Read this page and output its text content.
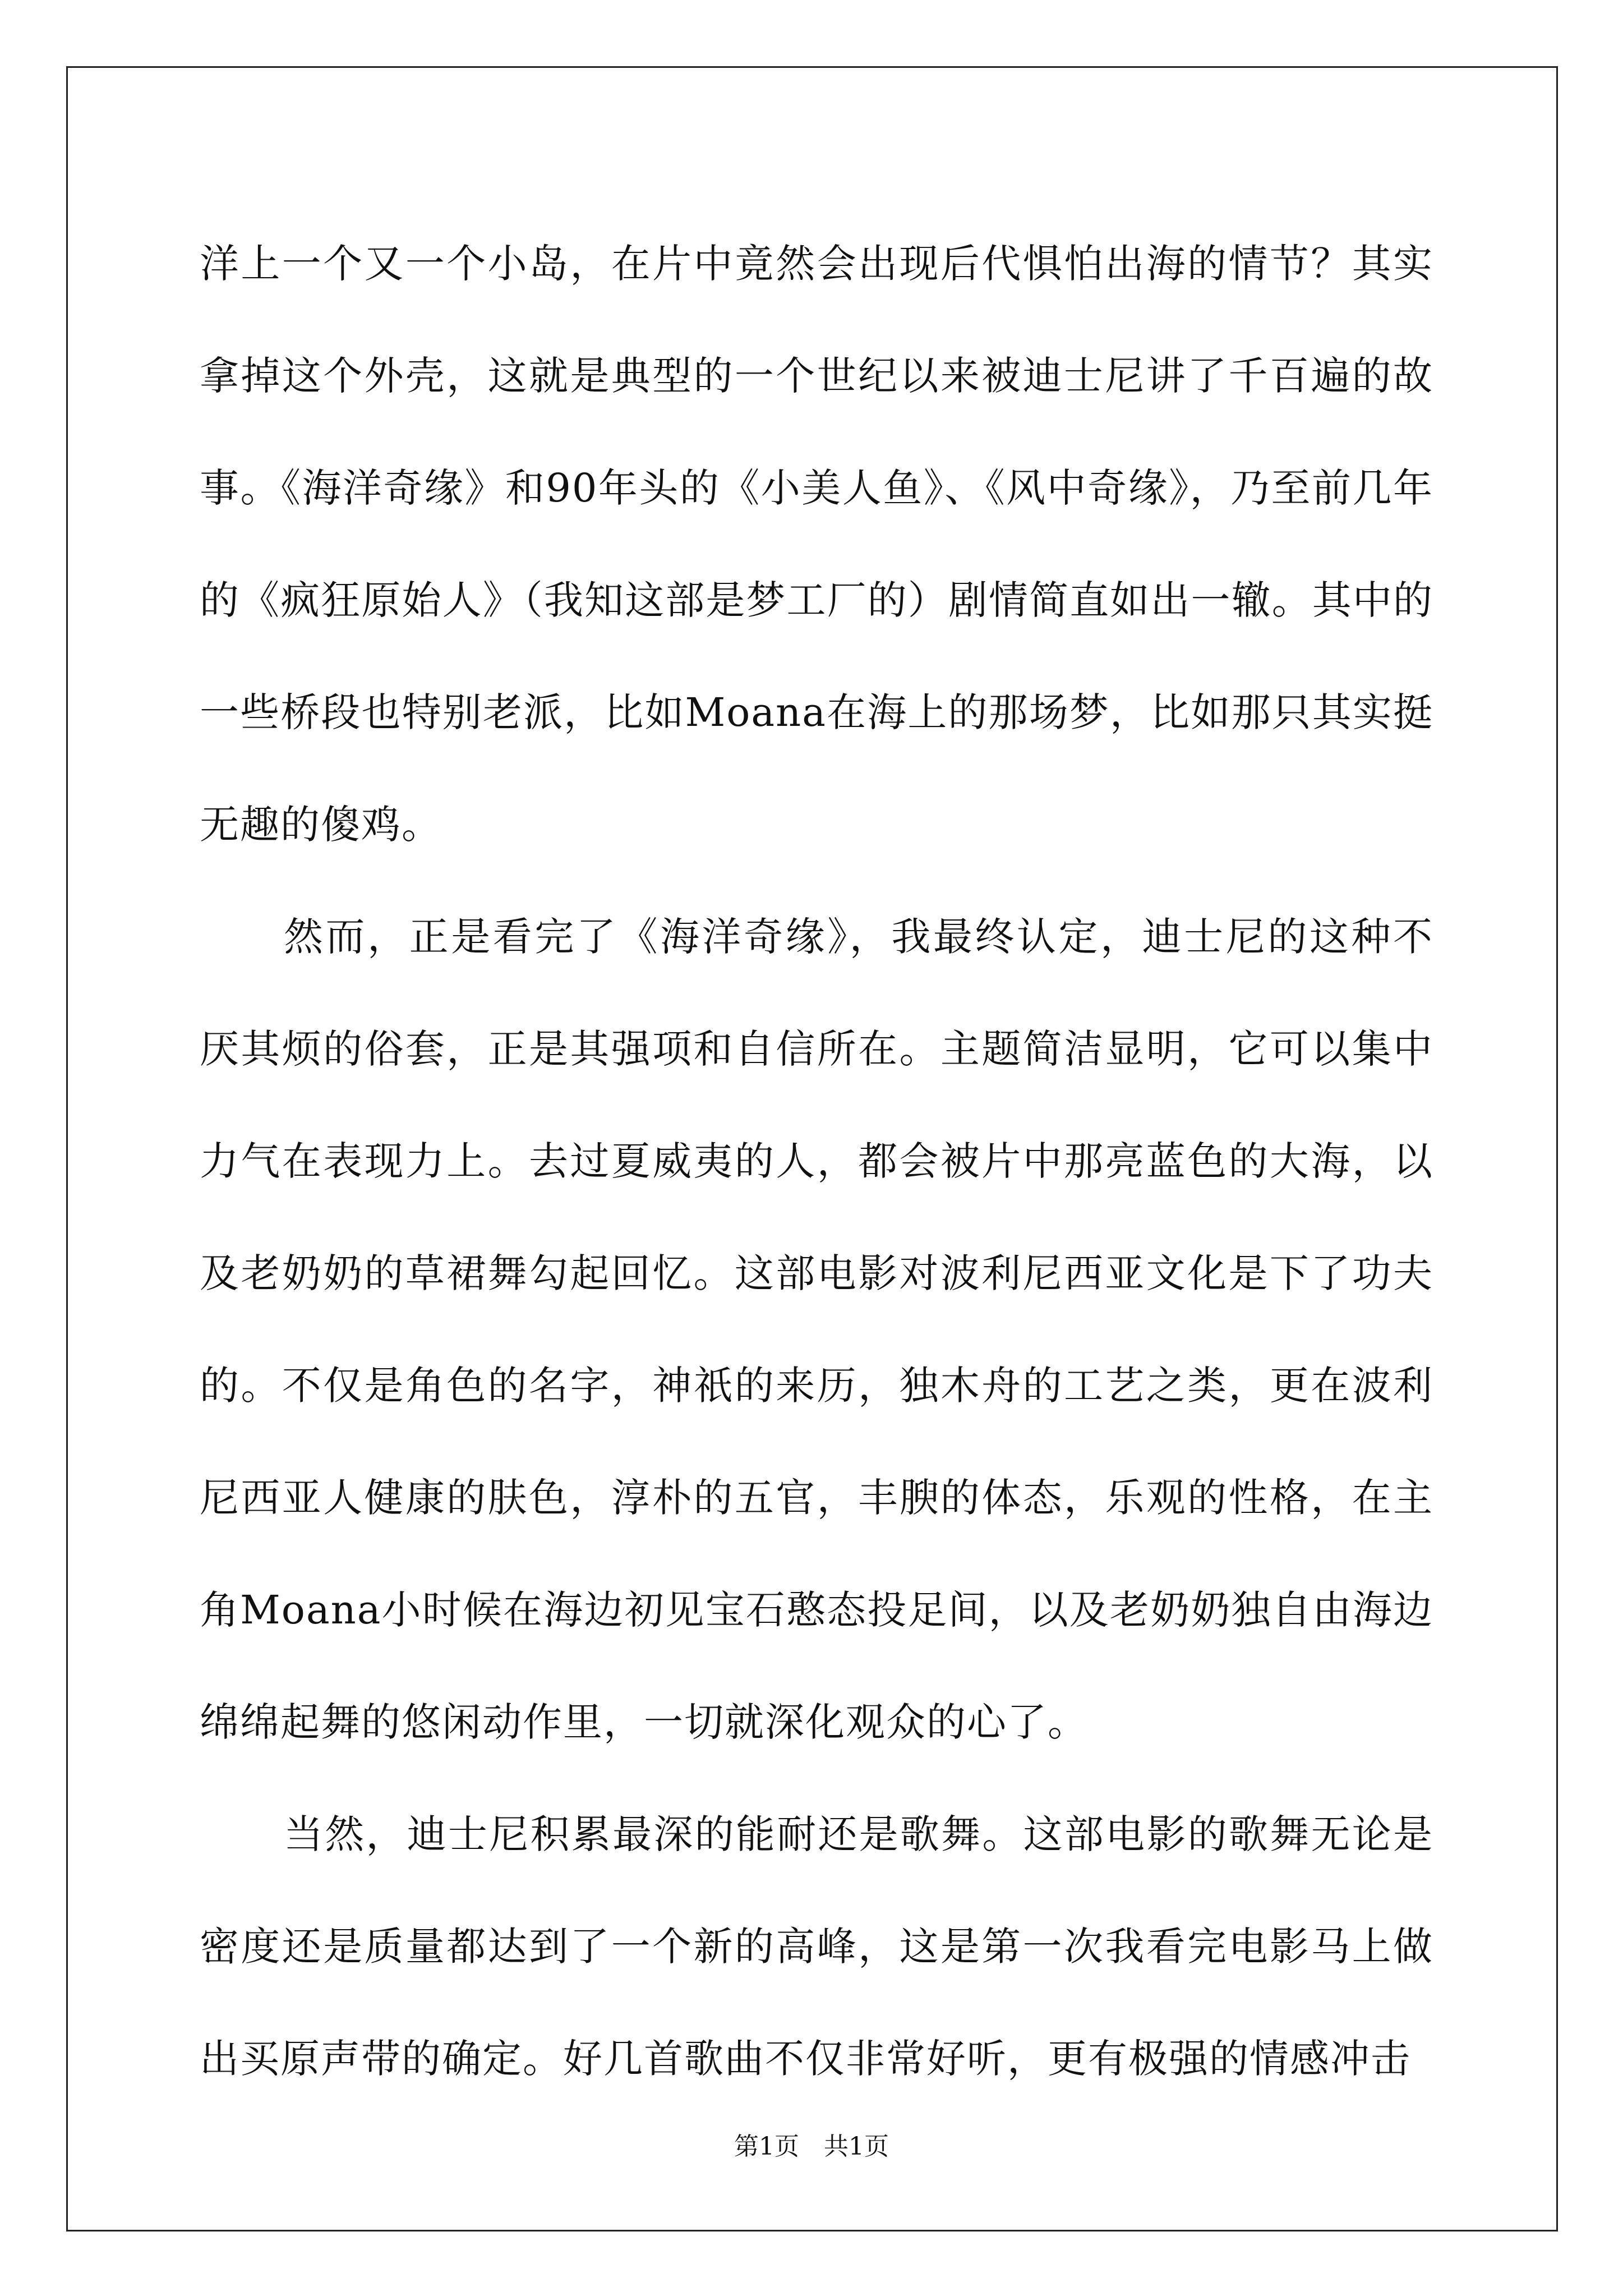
洋上一个又一个小岛，在片中竟然会出现后代惧怕出海的情节？其实拿掉这个外壳，这就是典型的一个世纪以来被迪士尼讲了千百遍的故事。《海洋奇缘》和90年头的《小美人鱼》、《风中奇缘》，乃至前几年的《疯狂原始人》（我知这部是梦工厂的）剧情简直如出一辙。其中的一些桥段也特别老派，比如Moana在海上的那场梦，比如那只其实挺无趣的傻鸡。

然而，正是看完了《海洋奇缘》，我最终认定，迪士尼的这种不厌其烦的俗套，正是其强项和自信所在。主题简洁显明，它可以集中力气在表现力上。去过夏威夷的人，都会被片中那亮蓝色的大海，以及老奶奶的草裙舞勾起回忆。这部电影对波利尼西亚文化是下了功夫的。不仅是角色的名字，神祇的来历，独木舟的工艺之类，更在波利尼西亚人健康的肤色，淳朴的五官，丰腴的体态，乐观的性格，在主角Moana小时候在海边初见宝石憨态投足间，以及老奶奶独自由海边绵绵起舞的悠闲动作里，一切就深化观众的心了。

当然，迪士尼积累最深的能耐还是歌舞。这部电影的歌舞无论是密度还是质量都达到了一个新的高峰，这是第一次我看完电影马上做出买原声带的确定。好几首歌曲不仅非常好听，更有极强的情感冲击

第1页　共1页
